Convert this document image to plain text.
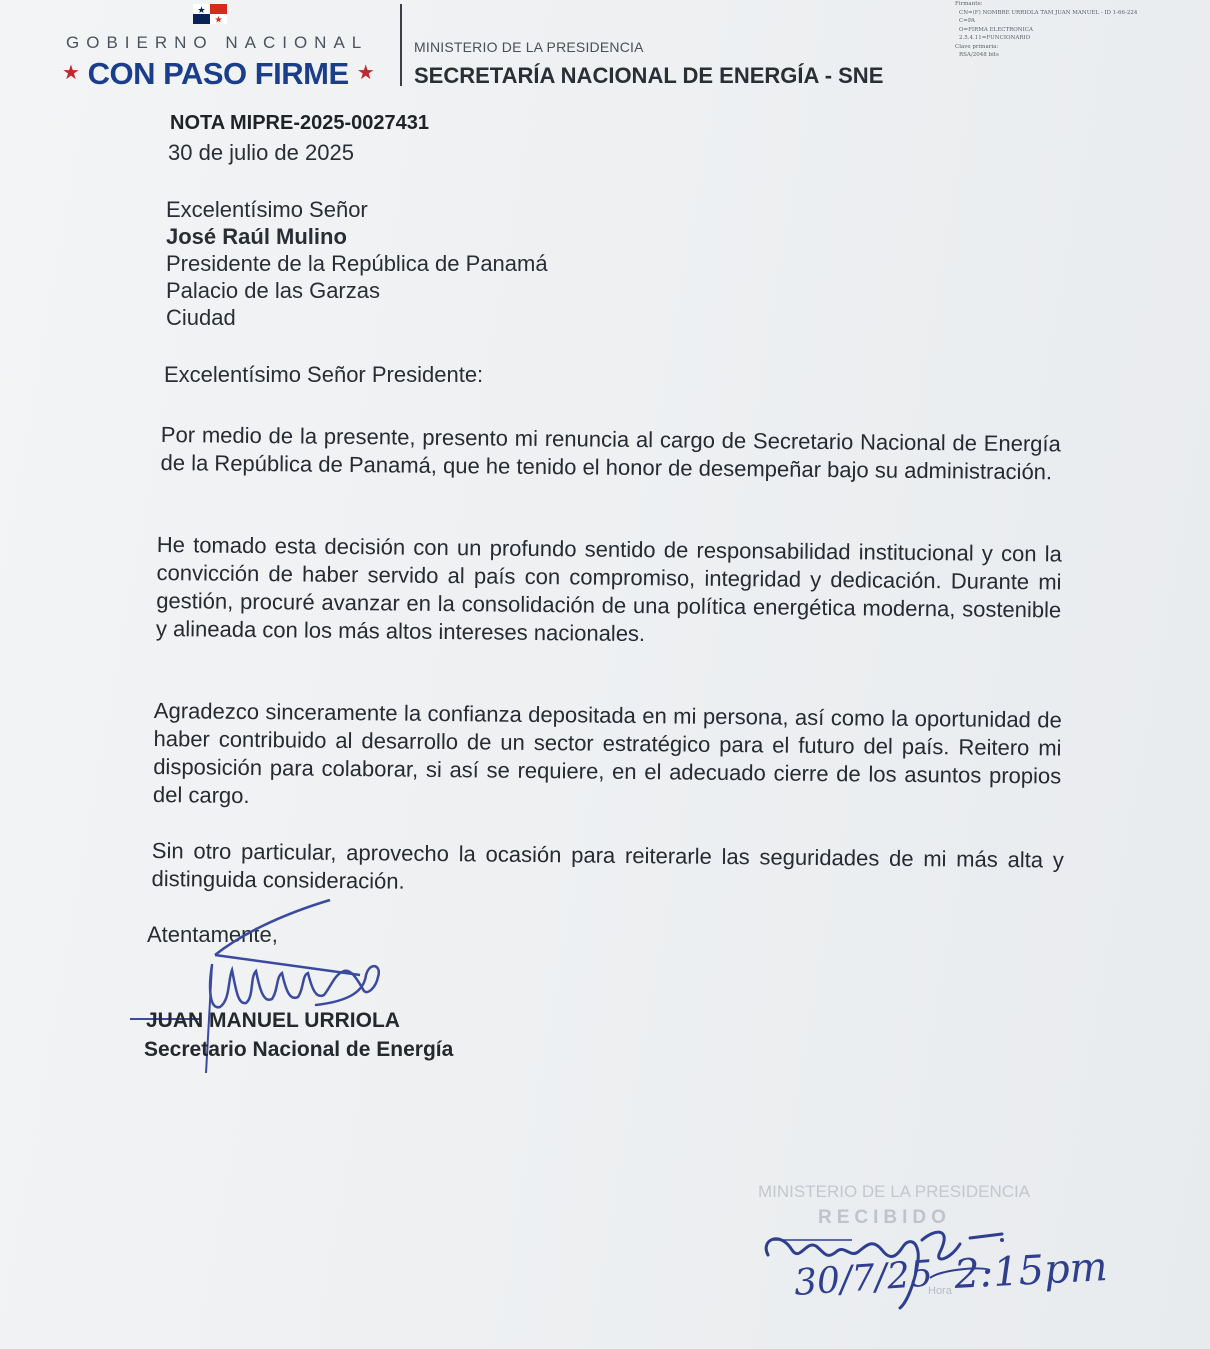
GOBIERNO NACIONAL
★ CON PASO FIRME ★
MINISTERIO DE LA PRESIDENCIA
SECRETARÍA NACIONAL DE ENERGÍA - SNE
Firmante:
CN=(F) NOMBRE URRIOLA TAM JUAN MANUEL - ID 1-66-224
C=PA
O=FIRMA ELECTRONICA
2.5.4.11=FUNCIONARIO
Clave primaria:
RSA/2048 bits
NOTA MIPRE-2025-0027431
30 de julio de 2025
Excelentísimo Señor
José Raúl Mulino
Presidente de la República de Panamá
Palacio de las Garzas
Ciudad
Excelentísimo Señor Presidente:
Por medio de la presente, presento mi renuncia al cargo de Secretario Nacional de Energía de la República de Panamá, que he tenido el honor de desempeñar bajo su administración.
He tomado esta decisión con un profundo sentido de responsabilidad institucional y con la convicción de haber servido al país con compromiso, integridad y dedicación. Durante mi gestión, procuré avanzar en la consolidación de una política energética moderna, sostenible y alineada con los más altos intereses nacionales.
Agradezco sinceramente la confianza depositada en mi persona, así como la oportunidad de haber contribuido al desarrollo de un sector estratégico para el futuro del país. Reitero mi disposición para colaborar, si así se requiere, en el adecuado cierre de los asuntos propios del cargo.
Sin otro particular, aprovecho la ocasión para reiterarle las seguridades de mi más alta y distinguida consideración.
Atentamente,
JUAN MANUEL URRIOLA
Secretario Nacional de Energía
MINISTERIO DE LA PRESIDENCIA
RECIBIDO
Hora
30/7/25 2:15pm
